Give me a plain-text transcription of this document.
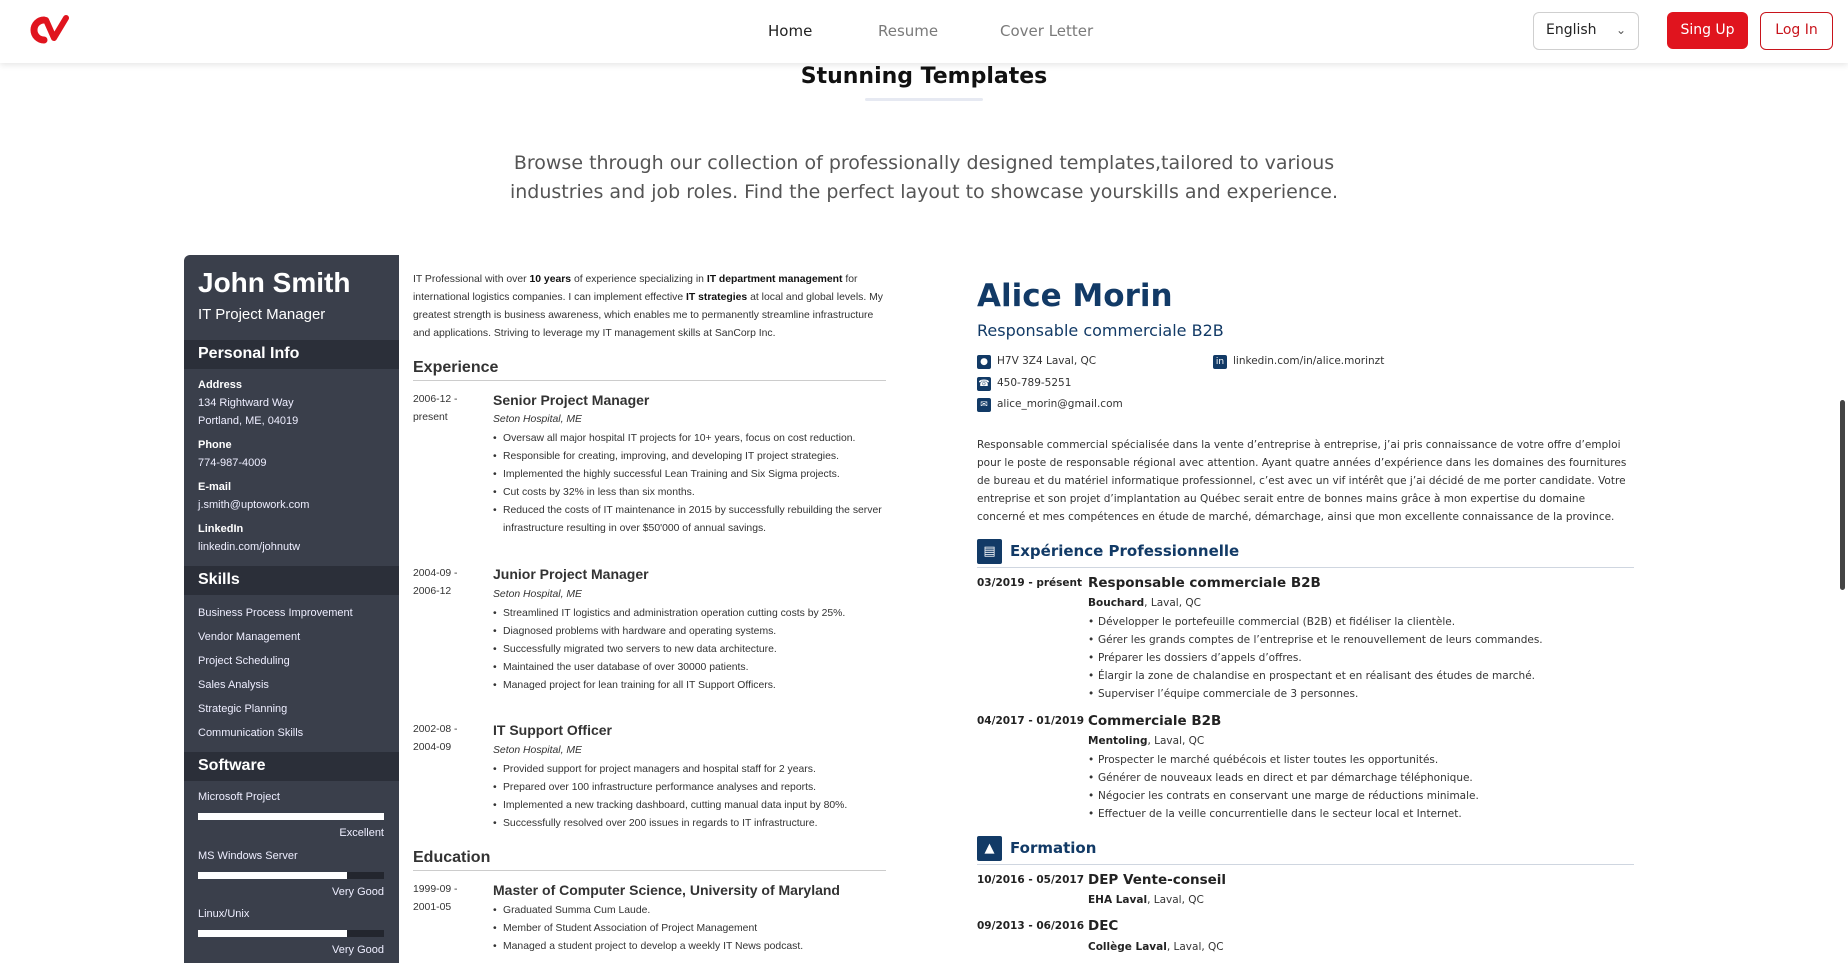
Home	Resume	Cover Letter	English ⌄	Sing Up	Log In
Stunning Templates
Browse through our collection of professionally designed templates,tailored to various industries and job roles. Find the perfect layout to showcase yourskills and experience.
John Smith
IT Project Manager
Personal Info
Address
134 Rightward Way
Portland, ME, 04019
Phone
774-987-4009
E-mail
j.smith@uptowork.com
LinkedIn
linkedin.com/johnutw
Skills
Business Process Improvement
Vendor Management
Project Scheduling
Sales Analysis
Strategic Planning
Communication Skills
Software
Microsoft Project
Excellent
MS Windows Server
Very Good
Linux/Unix
Very Good
IT Professional with over 10 years of experience specializing in IT department management for international logistics companies. I can implement effective IT strategies at local and global levels. My greatest strength is business awareness, which enables me to permanently streamline infrastructure and applications. Striving to leverage my IT management skills at SanCorp Inc.
Experience
2006-12 -
present
Senior Project Manager
Seton Hospital, ME
• Oversaw all major hospital IT projects for 10+ years, focus on cost reduction.
• Responsible for creating, improving, and developing IT project strategies.
• Implemented the highly successful Lean Training and Six Sigma projects.
• Cut costs by 32% in less than six months.
• Reduced the costs of IT maintenance in 2015 by successfully rebuilding the server infrastructure resulting in over $50'000 of annual savings.
2004-09 -
2006-12
Junior Project Manager
Seton Hospital, ME
• Streamlined IT logistics and administration operation cutting costs by 25%.
• Diagnosed problems with hardware and operating systems.
• Successfully migrated two servers to new data architecture.
• Maintained the user database of over 30000 patients.
• Managed project for lean training for all IT Support Officers.
2002-08 -
2004-09
IT Support Officer
Seton Hospital, ME
• Provided support for project managers and hospital staff for 2 years.
• Prepared over 100 infrastructure performance analyses and reports.
• Implemented a new tracking dashboard, cutting manual data input by 80%.
• Successfully resolved over 200 issues in regards to IT infrastructure.
Education
1999-09 -
2001-05
Master of Computer Science, University of Maryland
• Graduated Summa Cum Laude.
• Member of Student Association of Project Management
• Managed a student project to develop a weekly IT News podcast.
Alice Morin
Responsable commerciale B2B
● H7V 3Z4 Laval, QC	in linkedin.com/in/alice.morinzt
☎ 450-789-5251
✉ alice_morin@gmail.com
Responsable commercial spécialisée dans la vente d’entreprise à entreprise, j’ai pris connaissance de votre offre d’emploi pour le poste de responsable régional avec attention. Ayant quatre années d’expérience dans les domaines des fournitures de bureau et du matériel informatique professionnel, c’est avec un vif intérêt que j’ai décidé de me porter candidate. Votre entreprise et son projet d’implantation au Québec serait entre de bonnes mains grâce à mon expertise du domaine concerné et mes compétences en étude de marché, démarchage, ainsi que mon excellente connaissance de la province.
▤ Expérience Professionnelle
03/2019 - présent Responsable commerciale B2B
Bouchard, Laval, QC
• Développer le portefeuille commercial (B2B) et fidéliser la clientèle.
• Gérer les grands comptes de l’entreprise et le renouvellement de leurs commandes.
• Préparer les dossiers d’appels d’offres.
• Élargir la zone de chalandise en prospectant et en réalisant des études de marché.
• Superviser l’équipe commerciale de 3 personnes.
04/2017 - 01/2019 Commerciale B2B
Mentoling, Laval, QC
• Prospecter le marché québécois et lister toutes les opportunités.
• Générer de nouveaux leads en direct et par démarchage téléphonique.
• Négocier les contrats en conservant une marge de réductions minimale.
• Effectuer de la veille concurrentielle dans le secteur local et Internet.
▲	Formation
10/2016 - 05/2017 DEP Vente-conseil
EHA Laval, Laval, QC
09/2013 - 06/2016 DEC
Collège Laval, Laval, QC
